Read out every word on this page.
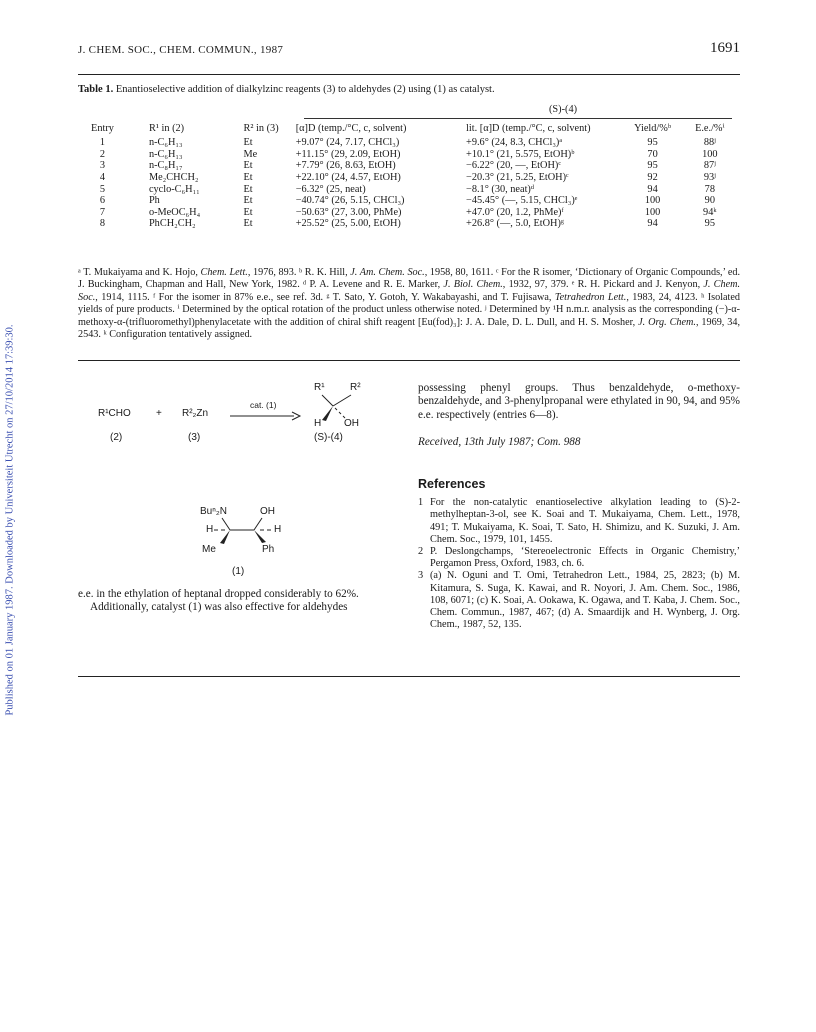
J. CHEM. SOC., CHEM. COMMUN., 1987	1691
Published on 01 January 1987. Downloaded by Universiteit Utrecht on 27/10/2014 17:39:30.
Table 1. Enantioselective addition of dialkylzinc reagents (3) to aldehydes (2) using (1) as catalyst.
				(S)-(4)		

Entry	R¹ in (2)	R² in (3)	[α]D (temp./°C, c, solvent)	lit. [α]D (temp./°C, c, solvent)	Yield/%ᵇ	E.e./%ⁱ
1	n-C₆H₁₃	Et	+9.07° (24, 7.17, CHCl₃)	+9.6° (24, 8.3, CHCl₃)ᵃ	95	88ʲ
2	n-C₆H₁₃	Me	+11.15° (29, 2.09, EtOH)	+10.1° (21, 5.575, EtOH)ᵇ	70	100
3	n-C₈H₁₇	Et	+7.79° (26, 8.63, EtOH)	−6.22° (20, —, EtOH)ᶜ	95	87ʲ
4	Me₂CHCH₂	Et	+22.10° (24, 4.57, EtOH)	−20.3° (21, 5.25, EtOH)ᶜ	92	93ʲ
5	cyclo-C₆H₁₁	Et	−6.32° (25, neat)	−8.1° (30, neat)ᵈ	94	78
6	Ph	Et	−40.74° (26, 5.15, CHCl₃)	−45.45° (—, 5.15, CHCl₃)ᵉ	100	90
7	o-MeOC₆H₄	Et	−50.63° (27, 3.00, PhMe)	+47.0° (20, 1.2, PhMe)ᶠ	100	94ᵏ
8	PhCH₂CH₂	Et	+25.52° (25, 5.00, EtOH)	+26.8° (—, 5.0, EtOH)ᵍ	94	95
ᵃ T. Mukaiyama and K. Hojo, Chem. Lett., 1976, 893. ᵇ R. K. Hill, J. Am. Chem. Soc., 1958, 80, 1611. ᶜ For the R isomer, ‘Dictionary of Organic Compounds,’ ed. J. Buckingham, Chapman and Hall, New York, 1982. ᵈ P. A. Levene and R. E. Marker, J. Biol. Chem., 1932, 97, 379. ᵉ R. H. Pickard and J. Kenyon, J. Chem. Soc., 1914, 1115. ᶠ For the isomer in 87% e.e., see ref. 3d. ᵍ T. Sato, Y. Gotoh, Y. Wakabayashi, and T. Fujisawa, Tetrahedron Lett., 1983, 24, 4123. ʰ Isolated yields of pure products. ⁱ Determined by the optical rotation of the product unless otherwise noted. ʲ Determined by ¹H n.m.r. analysis as the corresponding (−)-α-methoxy-α-(trifluoromethyl)phenylacetate with the addition of chiral shift reagent [Eu(fod)₃]: J. A. Dale, D. L. Dull, and H. S. Mosher, J. Org. Chem., 1969, 34, 2543. ᵏ Configuration tentatively assigned.
R¹CHO	+ R²₂Zn
cat. (1)
(2)	(3)
R¹	R²
H OH
(S)-(4)
Buⁿ₂N	OH
H	H
Me	Ph
(1)
e.e. in the ethylation of heptanal dropped considerably to 62%.
Additionally, catalyst (1) was also effective for aldehydes
possessing phenyl groups. Thus benzaldehyde, o-methoxy-benzaldehyde, and 3-phenylpropanal were ethylated in 90, 94, and 95% e.e. respectively (entries 6—8).
Received, 13th July 1987; Com. 988
References
1 For the non-catalytic enantioselective alkylation leading to (S)-2-methylheptan-3-ol, see K. Soai and T. Mukaiyama, Chem. Lett., 1978, 491; T. Mukaiyama, K. Soai, T. Sato, H. Shimizu, and K. Suzuki, J. Am. Chem. Soc., 1979, 101, 1455.
2 P. Deslongchamps, ‘Stereoelectronic Effects in Organic Chemistry,’ Pergamon Press, Oxford, 1983, ch. 6.
3 (a) N. Oguni and T. Omi, Tetrahedron Lett., 1984, 25, 2823; (b) M. Kitamura, S. Suga, K. Kawai, and R. Noyori, J. Am. Chem. Soc., 1986, 108, 6071; (c) K. Soai, A. Ookawa, K. Ogawa, and T. Kaba, J. Chem. Soc., Chem. Commun., 1987, 467; (d) A. Smaardijk and H. Wynberg, J. Org. Chem., 1987, 52, 135.
